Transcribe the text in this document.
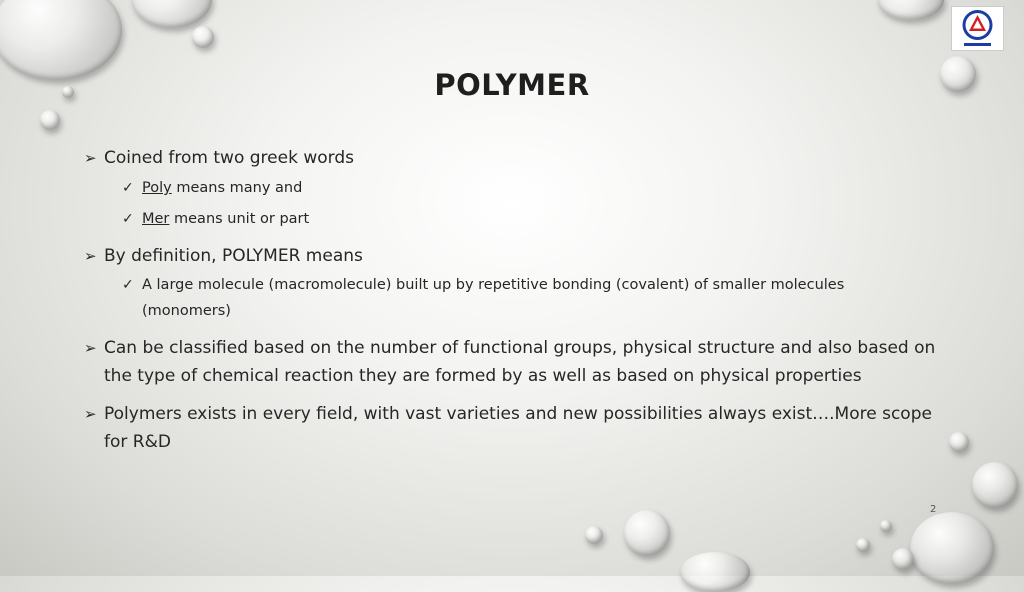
POLYMER

➢ Coined from two greek words

✓ Poly means many and

✓ Mer means unit or part

➢ By definition, POLYMER means

✓ A large molecule (macromolecule) built up by repetitive bonding (covalent) of smaller molecules (monomers)

➢ Can be classified based on the number of functional groups, physical structure and also based on the type of chemical reaction they are formed by as well as based on physical properties

➢ Polymers exists in every field, with vast varieties and new possibilities always exist….More scope for R&D

2
